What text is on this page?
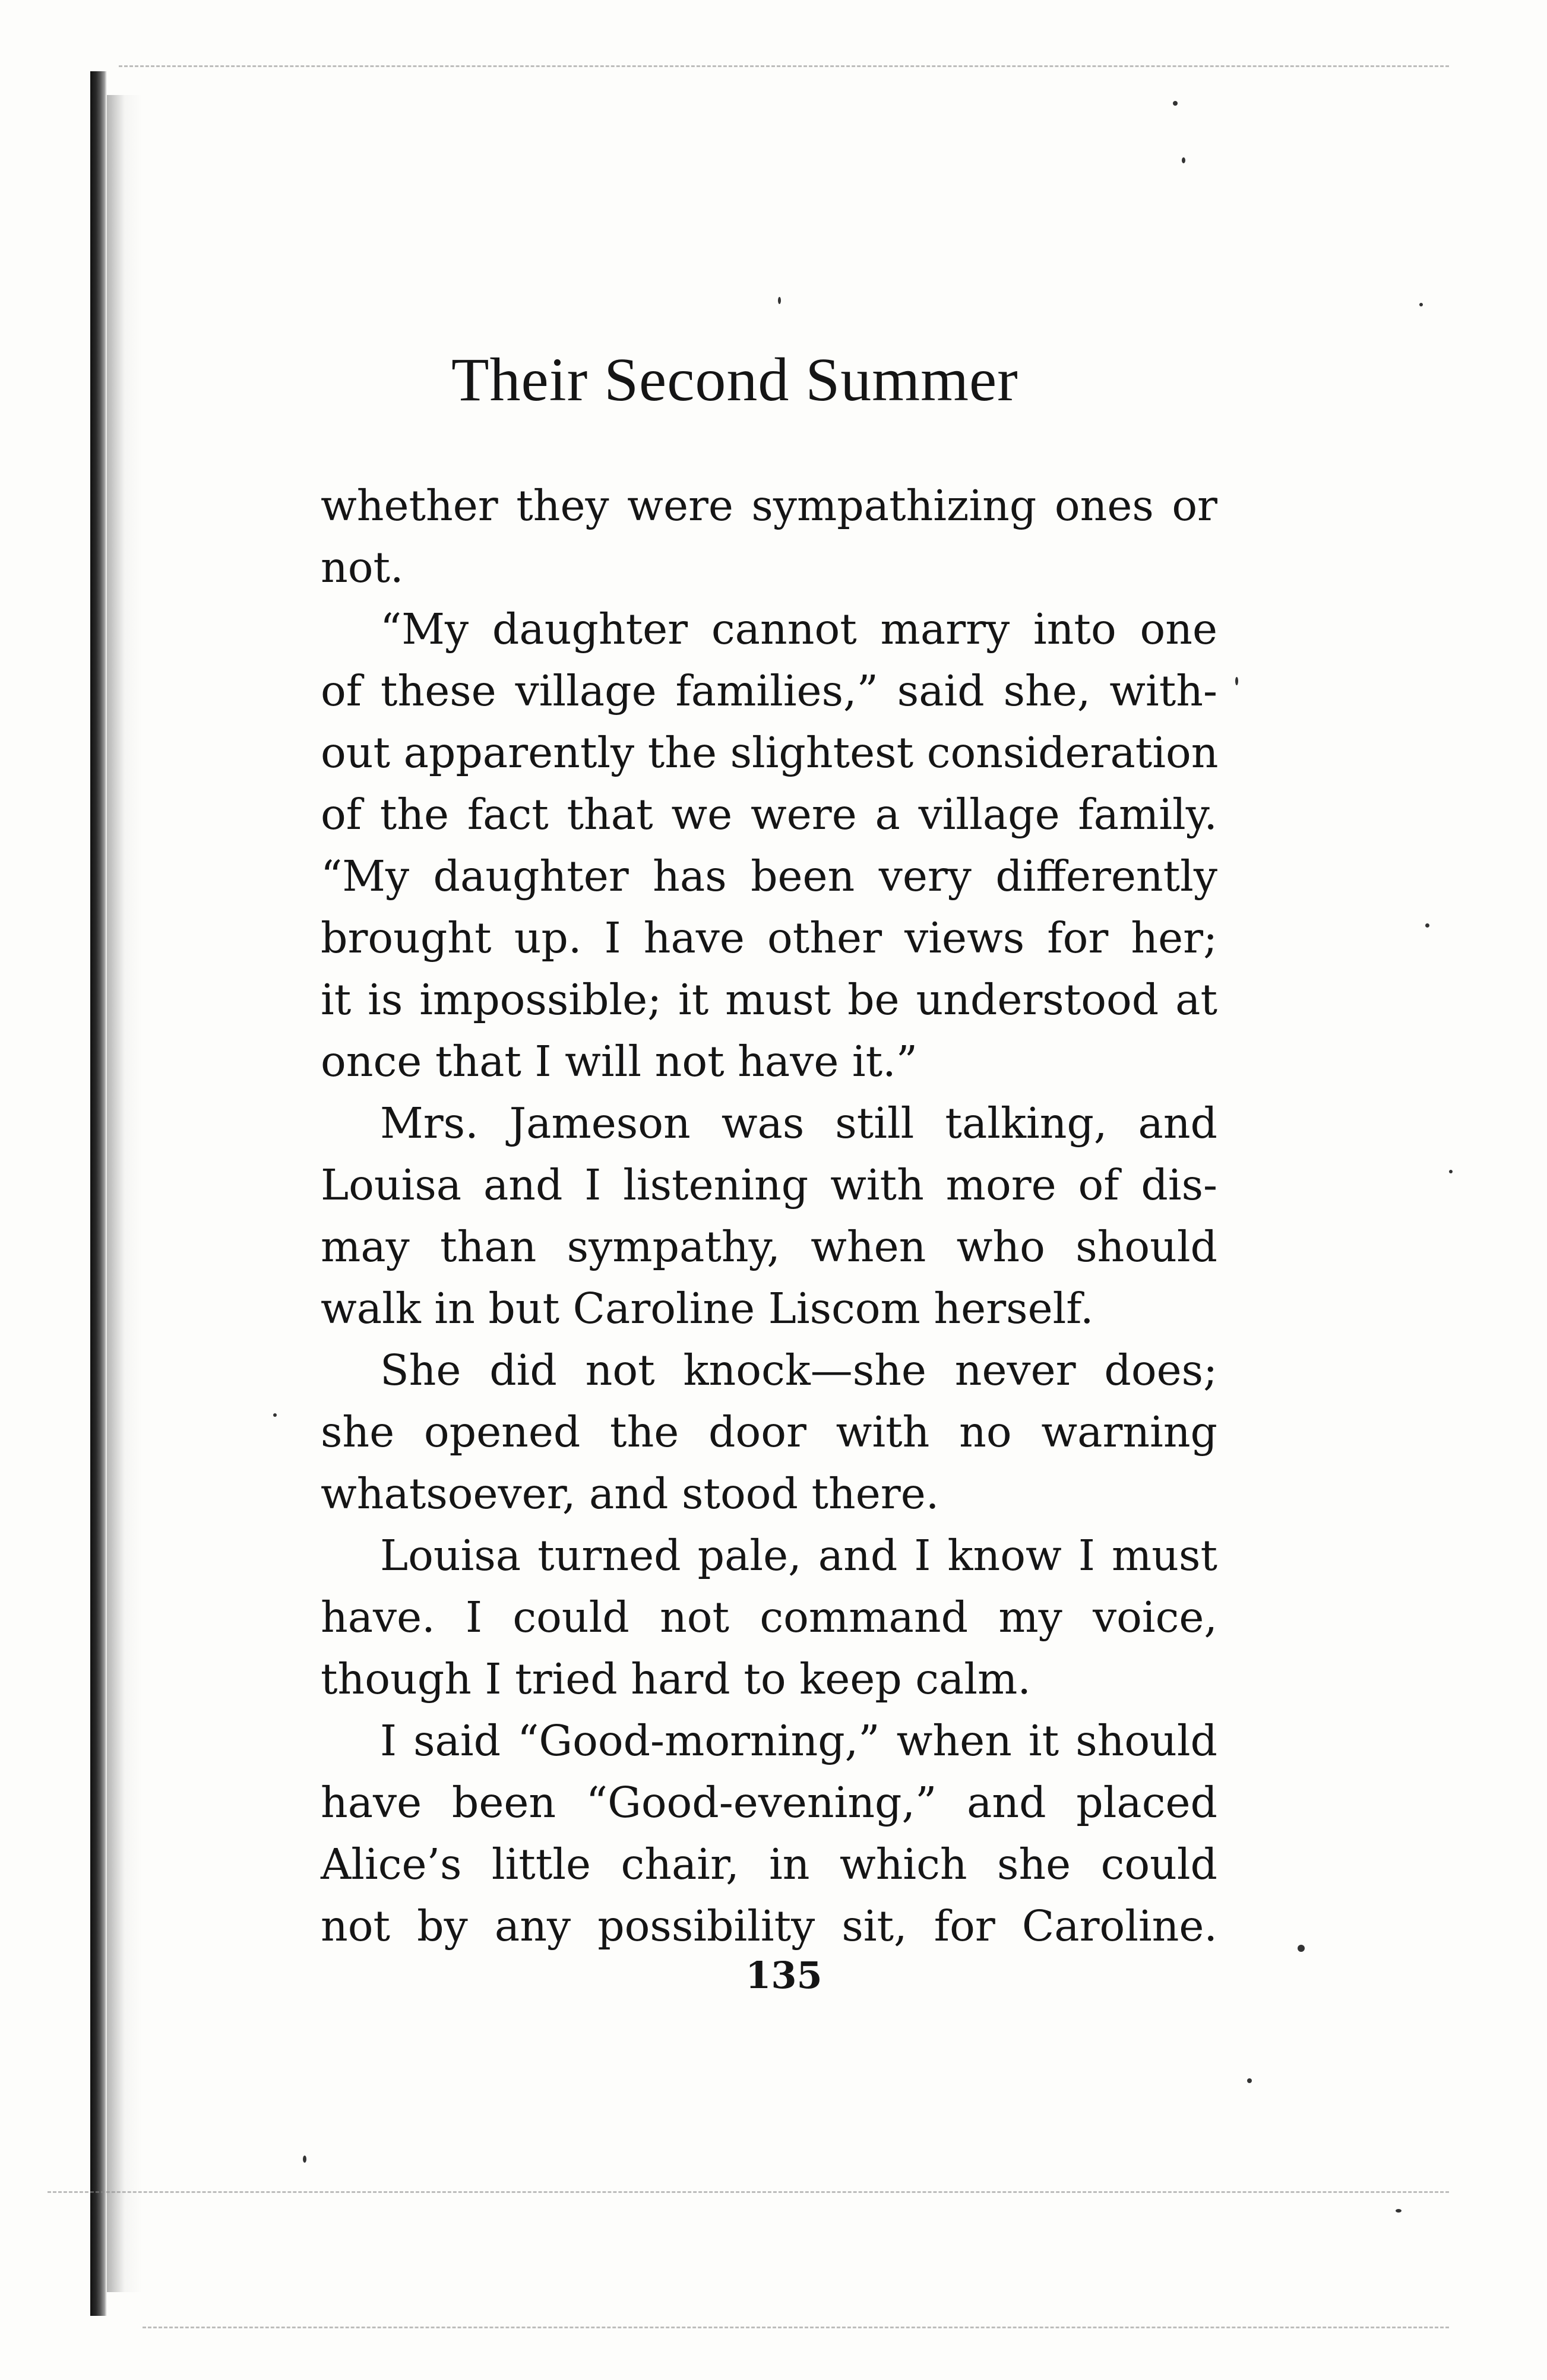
Their Second Summer
whether they were sympathizing ones or
not.
“My daughter cannot marry into one
of these village families,” said she, with-
out apparently the slightest consideration
of the fact that we were a village family.
“My daughter has been very differently
brought up. I have other views for her;
it is impossible; it must be understood at
once that I will not have it.”
Mrs. Jameson was still talking, and
Louisa and I listening with more of dis-
may than sympathy, when who should
walk in but Caroline Liscom herself.
She did not knock—she never does;
she opened the door with no warning
whatsoever, and stood there.
Louisa turned pale, and I know I must
have. I could not command my voice,
though I tried hard to keep calm.
I said “Good-morning,” when it should
have been “Good-evening,” and placed
Alice’s little chair, in which she could
not by any possibility sit, for Caroline.
135
